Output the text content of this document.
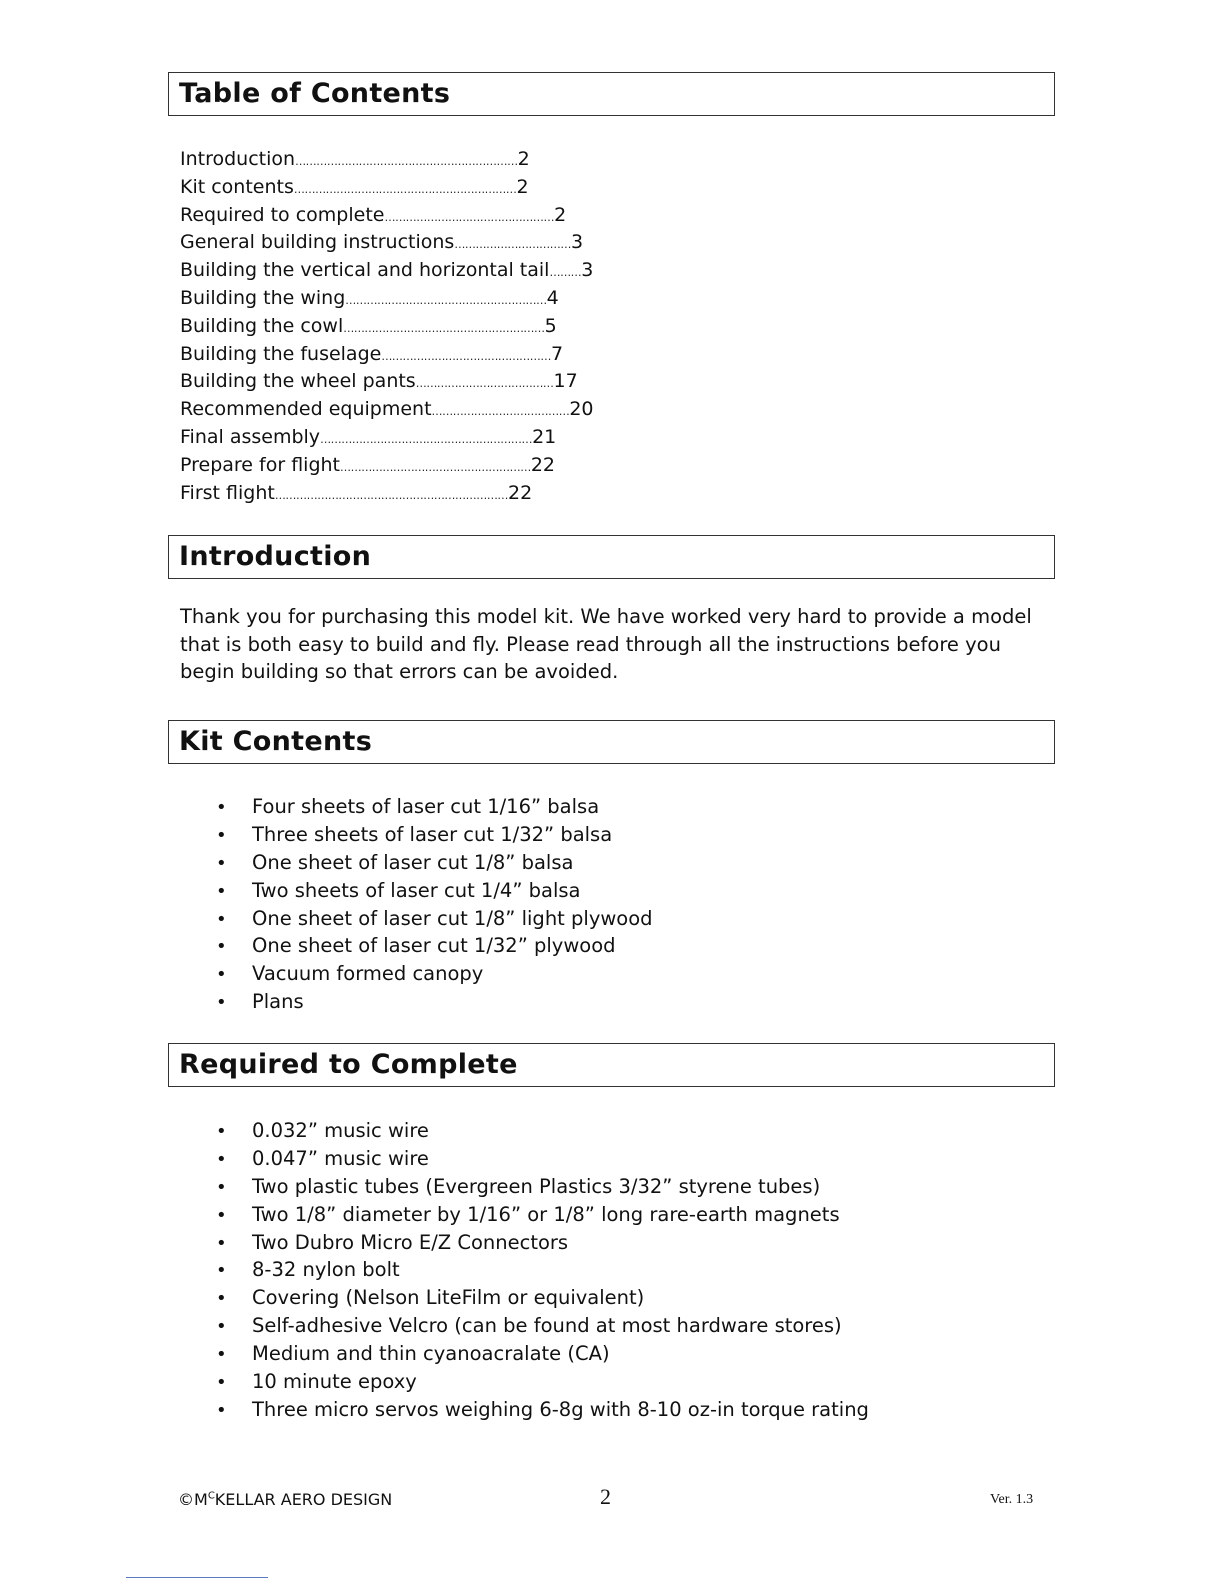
Table of Contents
Introduction………………………………………………………2
Kit contents………………………………………………………2
Required to complete…………………………………………2
General building instructions……………………………3
Building the vertical and horizontal tail………3
Building the wing…………………………………………………4
Building the cowl…………………………………………………5
Building the fuselage…………………………………………7
Building the wheel pants…………………………………17
Recommended equipment…………………………………20
Final assembly……………………………………………………21
Prepare for flight………………………………………………22
First flight…………………………………………………………22
Introduction

Thank you for purchasing this model kit. We have worked very hard to provide a model that is both easy to build and fly. Please read through all the instructions before you begin building so that errors can be avoided.

Kit Contents
• Four sheets of laser cut 1/16” balsa
• Three sheets of laser cut 1/32” balsa
• One sheet of laser cut 1/8” balsa
• Two sheets of laser cut 1/4” balsa
• One sheet of laser cut 1/8” light plywood
• One sheet of laser cut 1/32” plywood
• Vacuum formed canopy
• Plans
Required to Complete
• 0.032” music wire
• 0.047” music wire
• Two plastic tubes (Evergreen Plastics 3/32” styrene tubes)
• Two 1/8” diameter by 1/16” or 1/8” long rare-earth magnets
• Two Dubro Micro E/Z Connectors
• 8-32 nylon bolt
• Covering (Nelson LiteFilm or equivalent)
• Self-adhesive Velcro (can be found at most hardware stores)
• Medium and thin cyanoacralate (CA)
• 10 minute epoxy
• Three micro servos weighing 6-8g with 8-10 oz-in torque rating
$©M^CKELLAR$ AERO DESIGN	2	Ver. 1.3
